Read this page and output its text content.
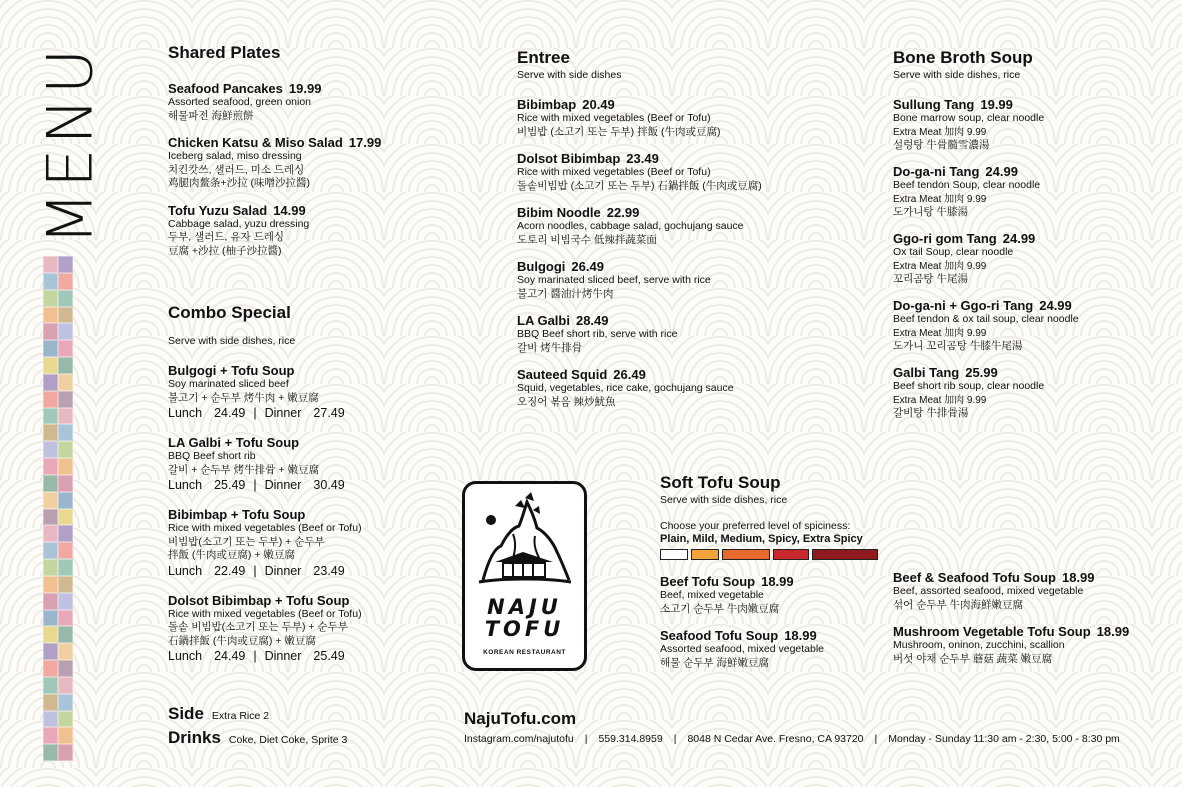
MENU	Shared Plates
Seafood Pancakes 19.99
Assorted seafood, green onion
해물파전 海鮮煎餅
Chicken Katsu & Miso Salad 17.99
Iceberg salad, miso dressing
치킨캇쓰, 샐러드, 미소 드레싱
鸡腿肉鳌条+沙拉 (味噌沙拉醬)
Tofu Yuzu Salad 14.99
Cabbage salad, yuzu dressing
두부, 샐러드, 유자 드레싱
豆腐 +沙拉 (柚子沙拉醬)
Combo Special
Serve with side dishes, rice
Bulgogi + Tofu Soup
Soy marinated sliced beef
불고기 + 순두부 烤牛肉 + 嫩豆腐
Lunch 24.49 | Dinner 27.49
LA Galbi + Tofu Soup
BBQ Beef short rib
갈비 + 순두부 烤牛排骨 + 嫩豆腐
Lunch 25.49 | Dinner 30.49
Bibimbap + Tofu Soup
Rice with mixed vegetables (Beef or Tofu)
비빔밥(소고기 또는 두부) + 순두부
拌飯 (牛肉或豆腐) + 嫩豆腐
Lunch 22.49 | Dinner 23.49
Dolsot Bibimbap + Tofu Soup
Rice with mixed vegetables (Beef or Tofu)
돌솥 비빔밥(소고기 또는 두부) + 순두부
石鍋拌飯 (牛肉或豆腐) + 嫩豆腐
Lunch 24.49 | Dinner 25.49
Side Extra Rice 2
Drinks Coke, Diet Coke, Sprite 3
Entree
Serve with side dishes
Bibimbap 20.49
Rice with mixed vegetables (Beef or Tofu)
비빔밥 (소고기 또는 두부) 拌飯 (牛肉或豆腐)
Dolsot Bibimbap 23.49
Rice with mixed vegetables (Beef or Tofu)
돌솥비빔밥 (소고기 또는 두부) 石鍋拌飯 (牛肉或豆腐)
Bibim Noodle 22.99
Acorn noodles, cabbage salad, gochujang sauce
도토리 비빔국수 低辣拌蔬菜面
Bulgogi 26.49
Soy marinated sliced beef, serve with rice
불고기 醬油汁烤牛肉
LA Galbi 28.49
BBQ Beef short rib, serve with rice
갈비 烤牛排骨
Sauteed Squid 26.49
Squid, vegetables, rice cake, gochujang sauce
오징어 볶음 辣炒魷魚
Bone Broth Soup
Serve with side dishes, rice
Sullung Tang 19.99
Bone marrow soup, clear noodle
Extra Meat 加肉 9.99
설렁탕 牛骨髓雪濃湯
Do-ga-ni Tang 24.99
Beef tendon Soup, clear noodle
Extra Meat 加肉 9.99
도가니탕 牛膝湯
Ggo-ri gom Tang 24.99
Ox tail Soup, clear noodle
Extra Meat 加肉 9.99
꼬리곰탕 牛尾湯
Do-ga-ni + Ggo-ri Tang 24.99
Beef tendon & ox tail soup, clear noodle
Extra Meat 加肉 9.99
도가니 꼬리곰탕 牛膝牛尾湯
Galbi Tang 25.99
Beef short rib soup, clear noodle
Extra Meat 加肉 9.99
갈비탕 牛排骨湯
Soft Tofu Soup
Serve with side dishes, rice
Choose your preferred level of spiciness:
Plain, Mild, Medium, Spicy, Extra Spicy
Beef Tofu Soup 18.99
Beef, mixed vegetable
소고기 순두부 牛肉嫩豆腐
Seafood Tofu Soup 18.99
Assorted seafood, mixed vegetable
해물 순두부 海鮮嫩豆腐
Beef & Seafood Tofu Soup 18.99
Beef, assorted seafood, mixed vegetable
섞어 순두부 牛肉海鮮嫩豆腐
Mushroom Vegetable Tofu Soup 18.99
Mushroom, oninon, zucchini, scallion
버섯 야채 순두부 蘑菇 蔬菜 嫩豆腐
NAJU
TOFU
KOREAN RESTAURANT
NajuTofu.com
Instagram.com/najutofu | 559.314.8959 | 8048 N Cedar Ave. Fresno, CA 93720 | Monday - Sunday 11:30 am - 2:30, 5:00 - 8:30 pm
